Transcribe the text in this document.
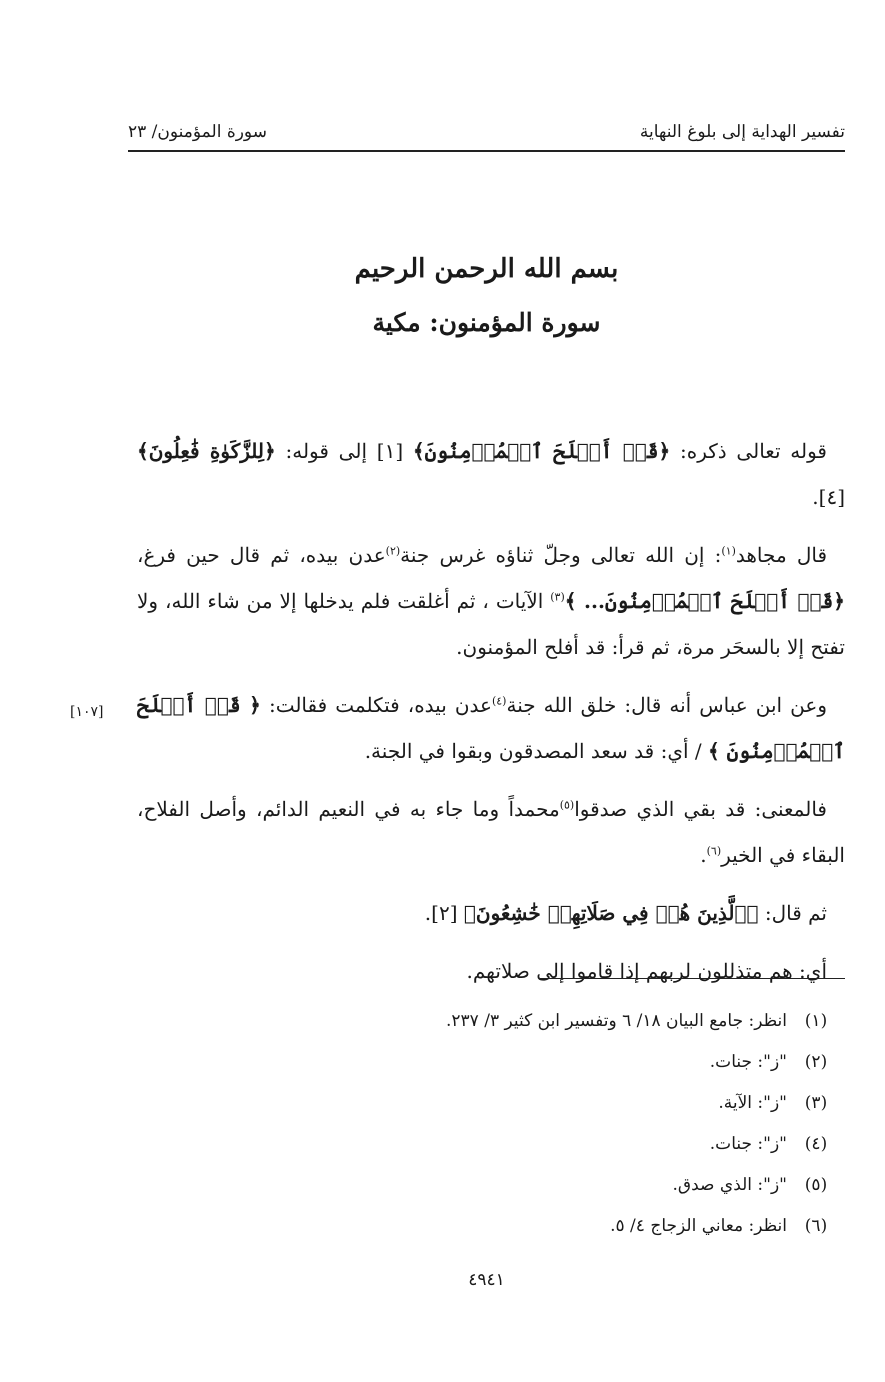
تفسير الهداية إلى بلوغ النهاية
سورة المؤمنون/ ٢٣
بسم الله الرحمن الرحيم
سورة المؤمنون: مكية

قوله تعالى ذكره: ﴿قَدۡ أَفۡلَحَ ٱلۡمُؤۡمِنُونَ﴾ [١] إلى قوله: ﴿لِلزَّكَوٰةِ فَٰعِلُونَ﴾ [٤].

قال مجاهد$^{(١)}$: إن الله تعالى وجلّ ثناؤه غرس جنة$^{(٢)}$عدن بيده، ثم قال حين فرغ، ﴿قَدۡ أَفۡلَحَ ٱلۡمُؤۡمِنُونَ... ﴾$^{(٣)}$ الآيات ، ثم أغلقت فلم يدخلها إلا من شاء الله، ولا تفتح إلا بالسحَر مرة، ثم قرأ: قد أفلح المؤمنون.

وعن ابن عباس أنه قال: خلق الله جنة$^{(٤)}$عدن بيده، فتكلمت فقالت: ﴿ قَدۡ أَفۡلَحَ ٱلۡمُؤۡمِنُونَ ﴾ / أي: قد سعد المصدقون وبقوا في الجنة.

فالمعنى: قد بقي الذي صدقوا$^{(٥)}$محمداً وما جاء به في النعيم الدائم، وأصل الفلاح، البقاء في الخير$^{(٦)}$.

ثم قال: ﴿ٱلَّذِينَ هُمۡ فِي صَلَاتِهِمۡ خَٰشِعُونَ﴾ [٢].

أي: هم متذللون لربهم إذا قاموا إلى صلاتهم.

[١٠٧]
(١)
انظر: جامع البيان ١٨/ ٦ وتفسير ابن كثير ٣/ ٢٣٧.
(٢)
"ز": جنات.
(٣)
"ز": الآية.
(٤)
"ز": جنات.
(٥)
"ز": الذي صدق.
(٦)
انظر: معاني الزجاج ٤/ ٥.
٤٩٤١
